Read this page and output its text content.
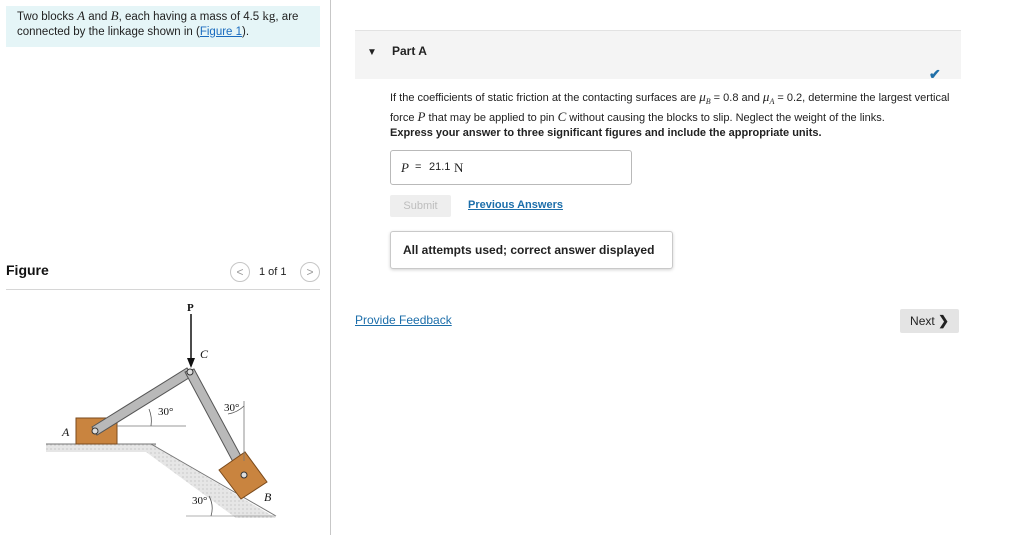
Two blocks A and B, each having a mass of 4.5 kg, are connected by the linkage shown in (Figure 1).
Figure	<	1 of 1	>
P
C
A
B
30°	30°
30°
▼ Part A
✔
If the coefficients of static friction at the contacting surfaces are $\mu_B = 0.8$ and $\mu_A = 0.2$, determine the largest vertical force P that may be applied to pin C without causing the blocks to slip. Neglect the weight of the links.
Express your answer to three significant figures and include the appropriate units.
P = 21.1 N
Submit	Previous Answers
All attempts used; correct answer displayed
Provide Feedback	Next ❯
